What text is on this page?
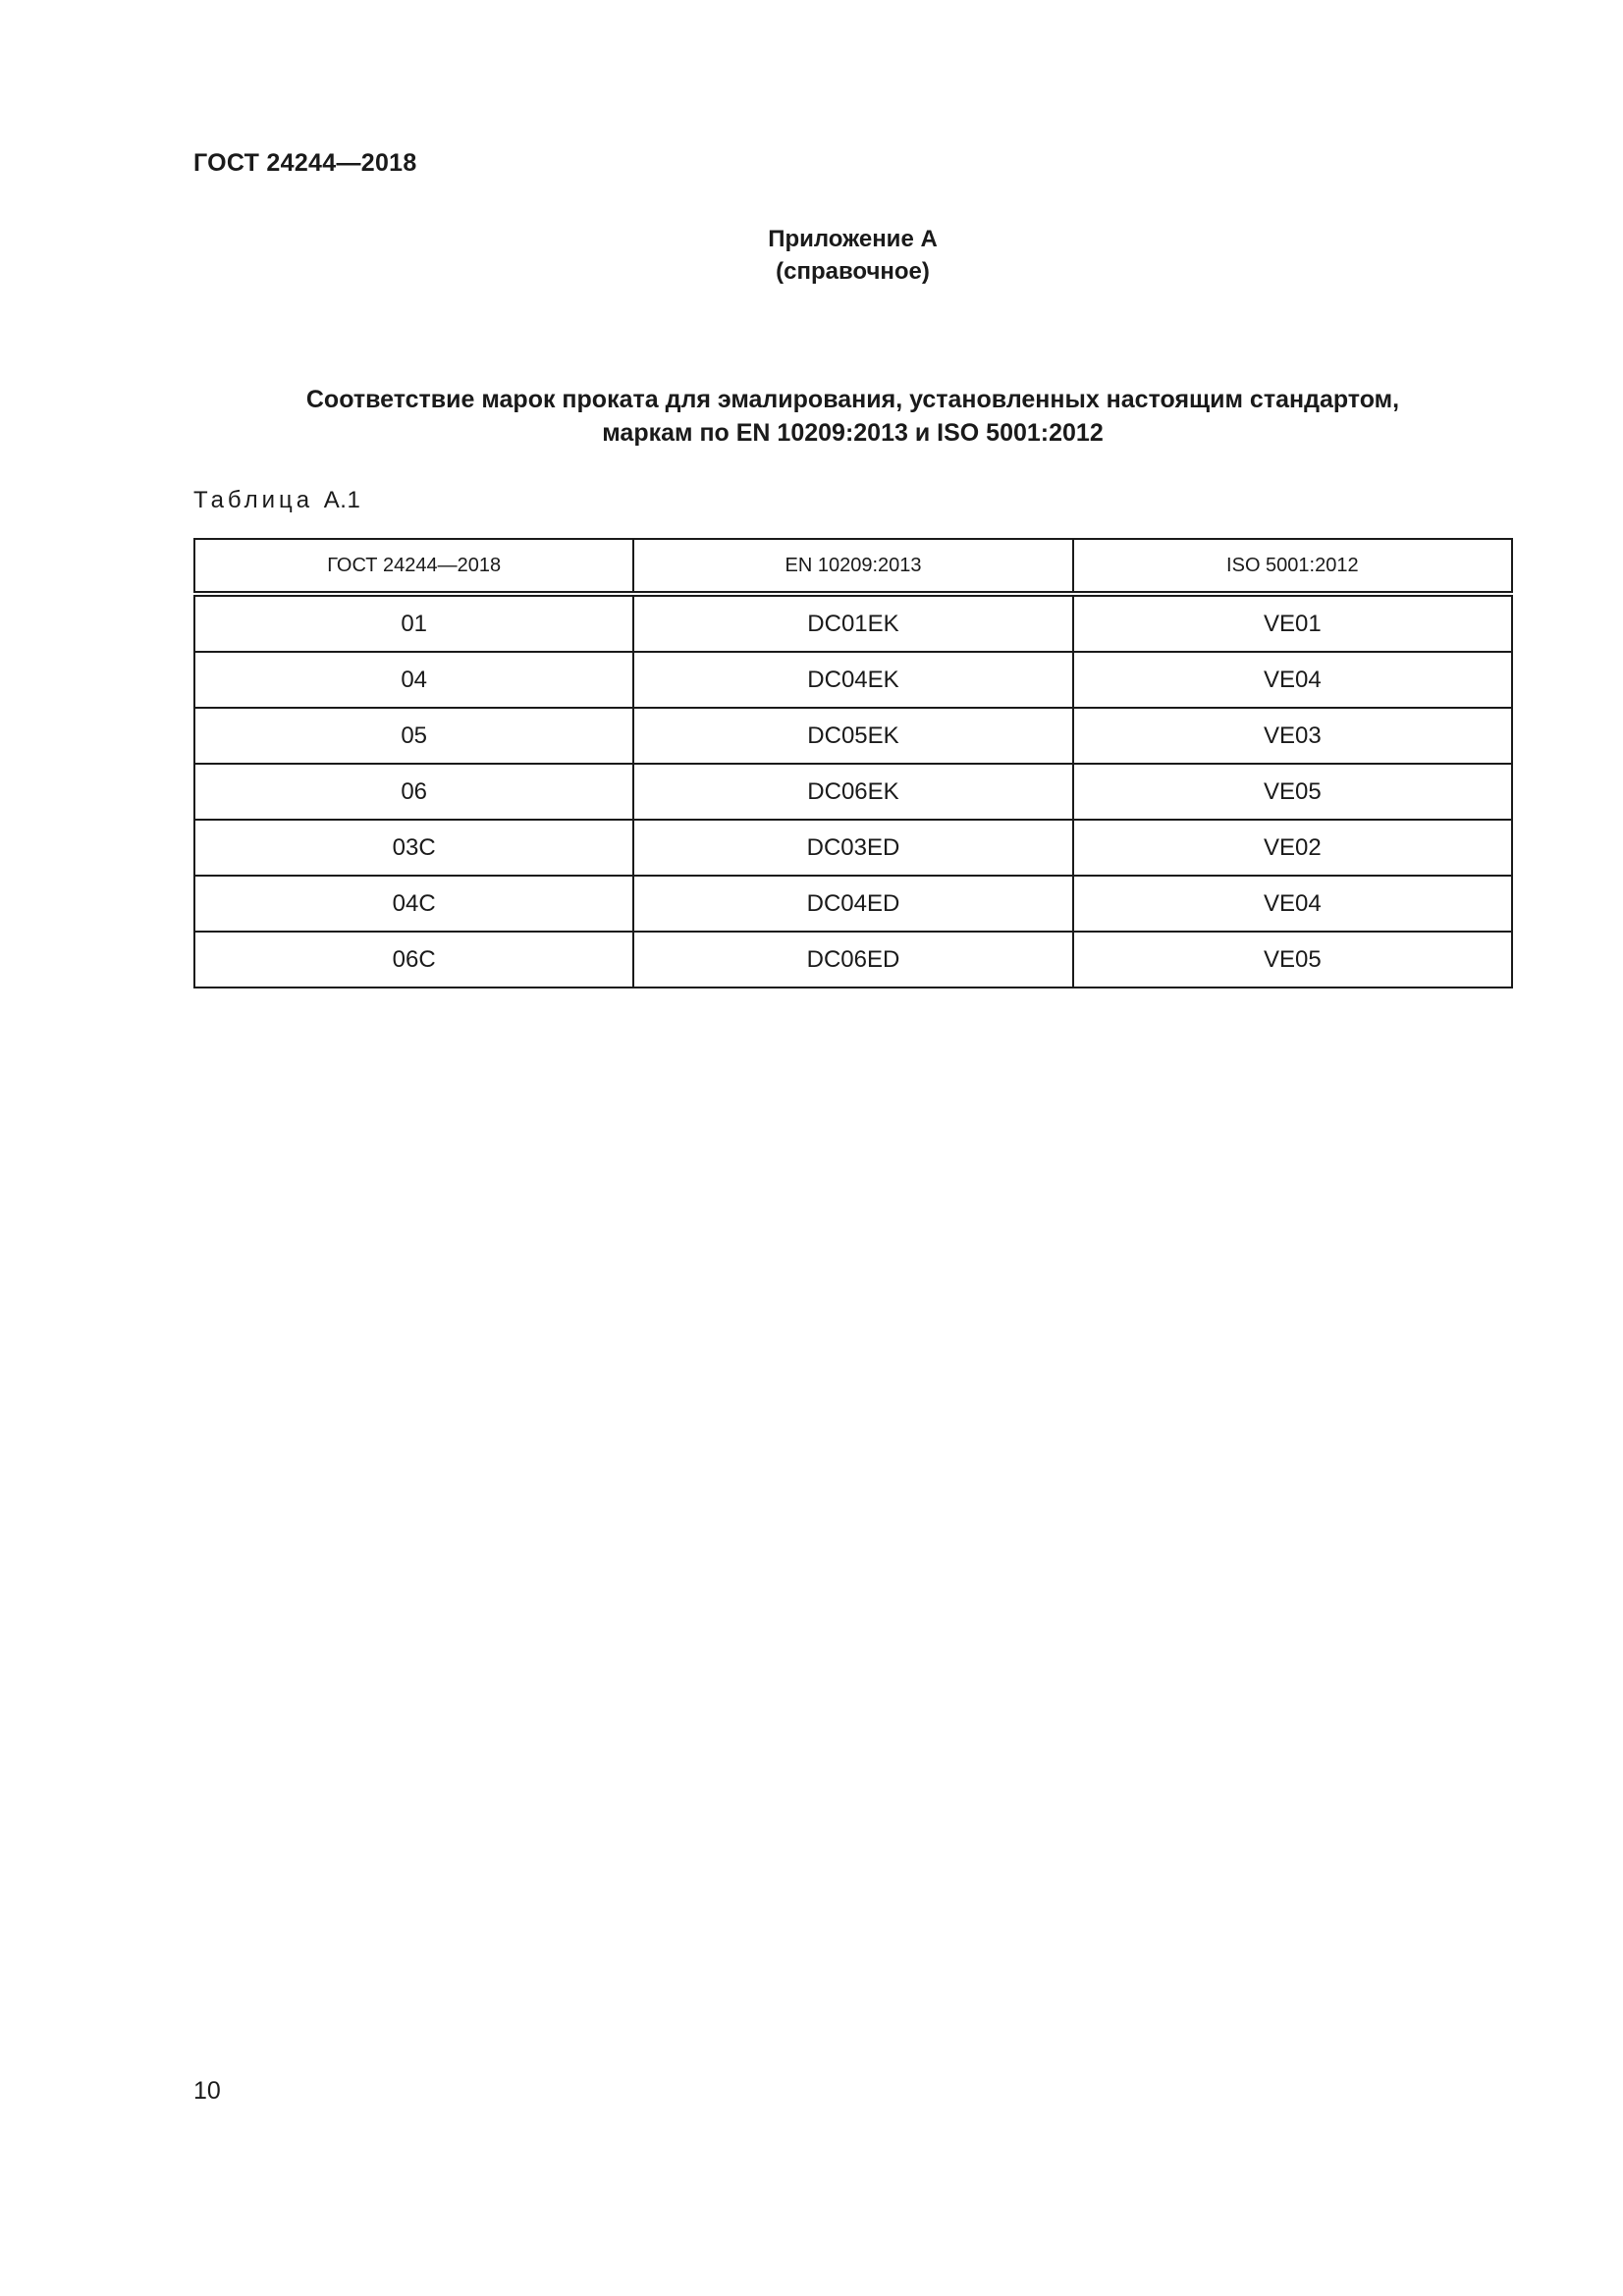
ГОСТ 24244—2018
Приложение А
(справочное)
Соответствие марок проката для эмалирования, установленных настоящим стандартом,
маркам по EN 10209:2013 и ISO 5001:2012
Таблица А.1
ГОСТ 24244—2018	EN 10209:2013	ISO 5001:2012
01	DC01EK	VE01
04	DC04EK	VE04
05	DC05EK	VE03
06	DC06EK	VE05
03С	DC03ED	VE02
04С	DC04ED	VE04
06С	DC06ED	VE05
10
